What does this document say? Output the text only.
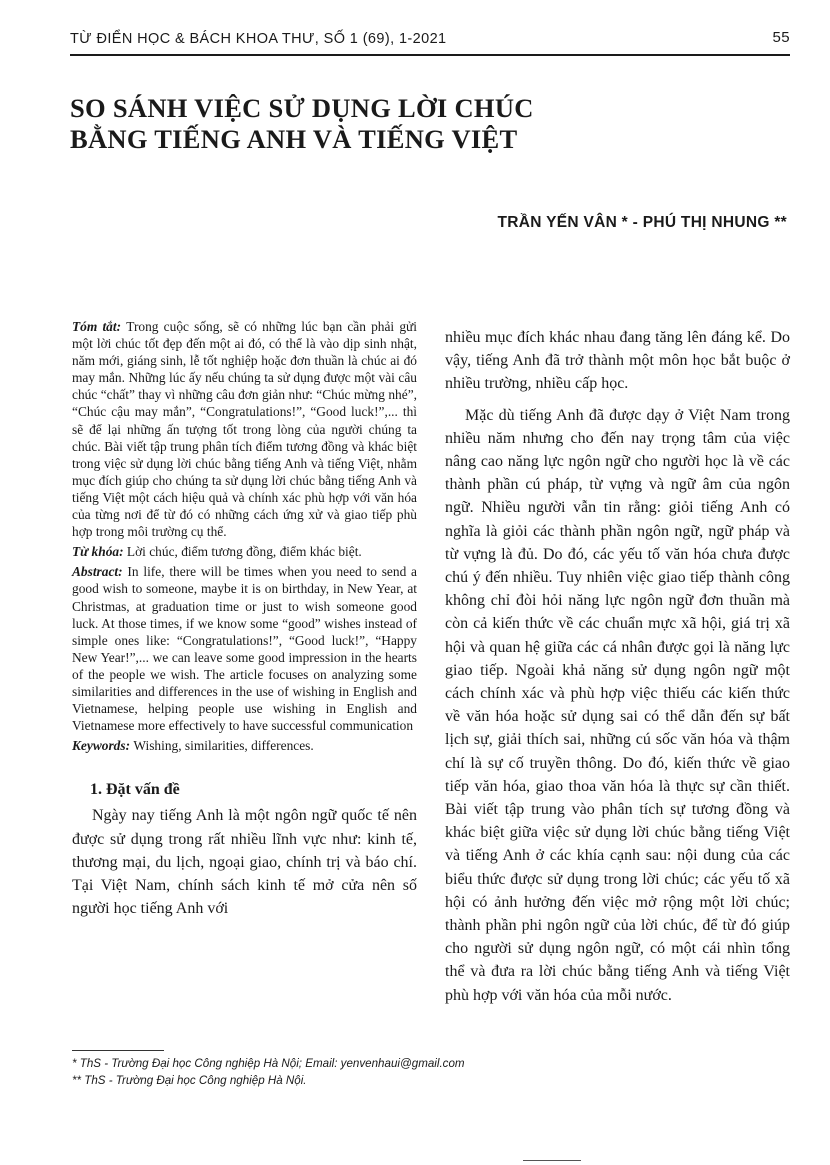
TỪ ĐIỂN HỌC & BÁCH KHOA THƯ, SỐ 1 (69), 1-2021	55
SO SÁNH VIỆC SỬ DỤNG LỜI CHÚC
BẰNG TIẾNG ANH VÀ TIẾNG VIỆT
TRẦN YẾN VÂN * - PHÚ THỊ NHUNG **

Tóm tắt: Trong cuộc sống, sẽ có những lúc bạn cần phải gửi một lời chúc tốt đẹp đến một ai đó, có thể là vào dịp sinh nhật, năm mới, giáng sinh, lễ tốt nghiệp hoặc đơn thuần là chúc ai đó may mắn. Những lúc ấy nếu chúng ta sử dụng được một vài câu chúc “chất” thay vì những câu đơn giản như: “Chúc mừng nhé”, “Chúc cậu may mắn”, “Congratulations!”, “Good luck!”,... thì sẽ để lại những ấn tượng tốt trong lòng của người chúng ta chúc. Bài viết tập trung phân tích điểm tương đồng và khác biệt trong việc sử dụng lời chúc bằng tiếng Anh và tiếng Việt, nhằm mục đích giúp cho chúng ta sử dụng lời chúc bằng tiếng Anh và tiếng Việt một cách hiệu quả và chính xác phù hợp với văn hóa của từng nơi để từ đó có những cách ứng xử và giao tiếp phù hợp trong môi trường cụ thể.

Từ khóa: Lời chúc, điểm tương đồng, điểm khác biệt.

Abstract: In life, there will be times when you need to send a good wish to someone, maybe it is on birthday, in New Year, at Christmas, at graduation time or just to wish someone good luck. At those times, if we know some “good” wishes instead of simple ones like: “Congratulations!”, “Good luck!”, “Happy New Year!”,... we can leave some good impression in the hearts of the people we wish. The article focuses on analyzing some similarities and differences in the use of wishing in English and Vietnamese, helping people use wishing in English and Vietnamese more effectively to have successful communication

Keywords: Wishing, similarities, differences.

1. Đặt vấn đề

Ngày nay tiếng Anh là một ngôn ngữ quốc tế nên được sử dụng trong rất nhiều lĩnh vực như: kinh tế, thương mại, du lịch, ngoại giao, chính trị và báo chí. Tại Việt Nam, chính sách kinh tế mở cửa nên số người học tiếng Anh với

nhiều mục đích khác nhau đang tăng lên đáng kể. Do vậy, tiếng Anh đã trở thành một môn học bắt buộc ở nhiều trường, nhiều cấp học.

Mặc dù tiếng Anh đã được dạy ở Việt Nam trong nhiều năm nhưng cho đến nay trọng tâm của việc nâng cao năng lực ngôn ngữ cho người học là về các thành phần cú pháp, từ vựng và ngữ âm của ngôn ngữ. Nhiều người vẫn tin rằng: giỏi tiếng Anh có nghĩa là giỏi các thành phần ngôn ngữ, ngữ pháp và từ vựng là đủ. Do đó, các yếu tố văn hóa chưa được chú ý đến nhiều. Tuy nhiên việc giao tiếp thành công không chỉ đòi hỏi năng lực ngôn ngữ đơn thuần mà còn cả kiến thức về các chuẩn mực xã hội, giá trị xã hội và quan hệ giữa các cá nhân được gọi là năng lực giao tiếp. Ngoài khả năng sử dụng ngôn ngữ một cách chính xác và phù hợp việc thiếu các kiến thức về văn hóa hoặc sử dụng sai có thể dẫn đến sự bất lịch sự, giải thích sai, những cú sốc văn hóa và thậm chí là sự cố truyền thông. Do đó, kiến thức về giao tiếp văn hóa, giao thoa văn hóa là thực sự cần thiết. Bài viết tập trung vào phân tích sự tương đồng và khác biệt giữa việc sử dụng lời chúc bằng tiếng Việt và tiếng Anh ở các khía cạnh sau: nội dung của các biểu thức được sử dụng trong lời chúc; các yếu tố xã hội có ảnh hưởng đến việc mở rộng một lời chúc; thành phần phi ngôn ngữ của lời chúc, để từ đó giúp cho người sử dụng ngôn ngữ, có một cái nhìn tổng thể và đưa ra lời chúc bằng tiếng Anh và tiếng Việt phù hợp với văn hóa của mỗi nước.

* ThS - Trường Đại học Công nghiệp Hà Nội; Email: yenvenhaui@gmail.com
** ThS - Trường Đại học Công nghiệp Hà Nội.
